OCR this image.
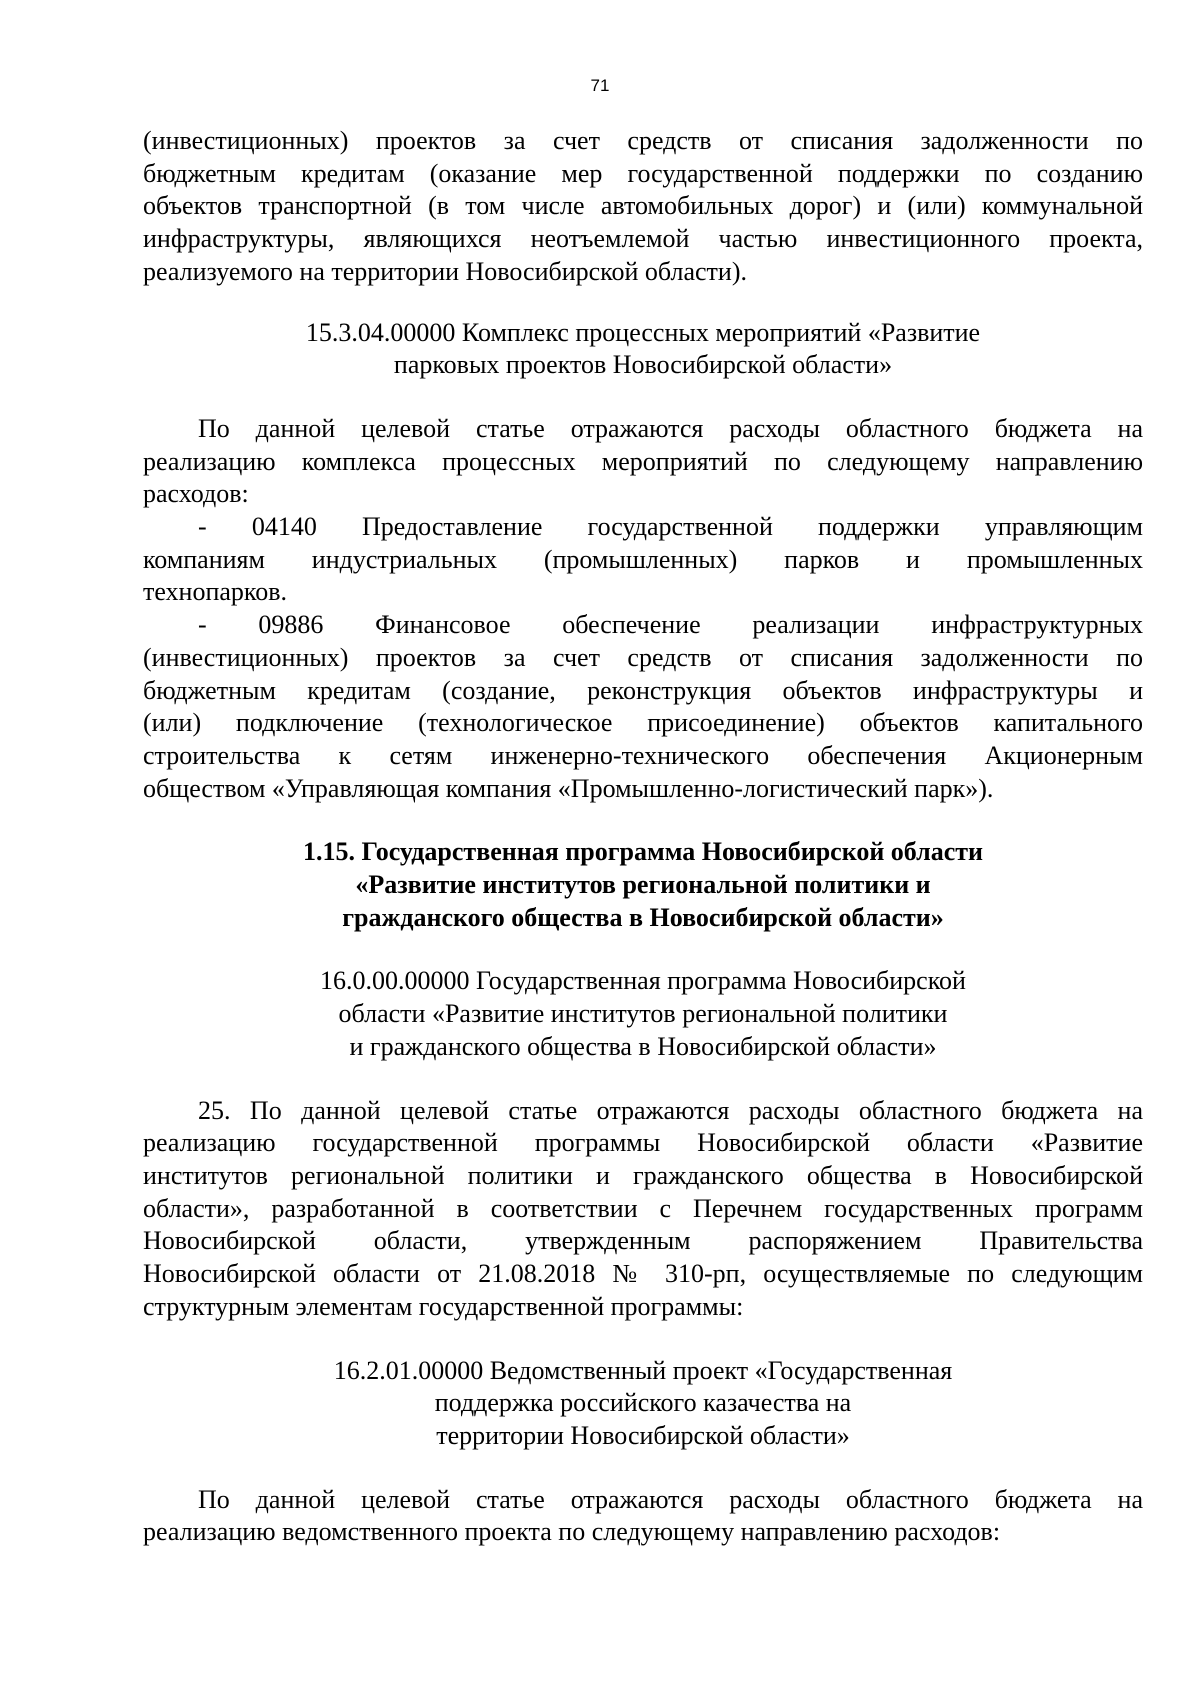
71
(инвестиционных) проектов за счет средств от списания задолженности по
бюджетным кредитам (оказание мер государственной поддержки по созданию
объектов транспортной (в том числе автомобильных дорог) и (или) коммунальной
инфраструктуры, являющихся неотъемлемой частью инвестиционного проекта,
реализуемого на территории Новосибирской области).
15.3.04.00000 Комплекс процессных мероприятий «Развитие
парковых проектов Новосибирской области»
По данной целевой статье отражаются расходы областного бюджета на
реализацию комплекса процессных мероприятий по следующему направлению
расходов:
- 04140 Предоставление государственной поддержки управляющим
компаниям индустриальных (промышленных) парков и промышленных
технопарков.
- 09886 Финансовое обеспечение реализации инфраструктурных
(инвестиционных) проектов за счет средств от списания задолженности по
бюджетным кредитам (создание, реконструкция объектов инфраструктуры и
(или) подключение (технологическое присоединение) объектов капитального
строительства к сетям инженерно-технического обеспечения Акционерным
обществом «Управляющая компания «Промышленно-логистический парк»).
1.15. Государственная программа Новосибирской области
«Развитие институтов региональной политики и
гражданского общества в Новосибирской области»
16.0.00.00000 Государственная программа Новосибирской
области «Развитие институтов региональной политики
и гражданского общества в Новосибирской области»
25. По данной целевой статье отражаются расходы областного бюджета на
реализацию государственной программы Новосибирской области «Развитие
институтов региональной политики и гражданского общества в Новосибирской
области», разработанной в соответствии с Перечнем государственных программ
Новосибирской области, утвержденным распоряжением Правительства
Новосибирской области от 21.08.2018 № 310-рп, осуществляемые по следующим
структурным элементам государственной программы:
16.2.01.00000 Ведомственный проект «Государственная
поддержка российского казачества на
территории Новосибирской области»
По данной целевой статье отражаются расходы областного бюджета на
реализацию ведомственного проекта по следующему направлению расходов:
